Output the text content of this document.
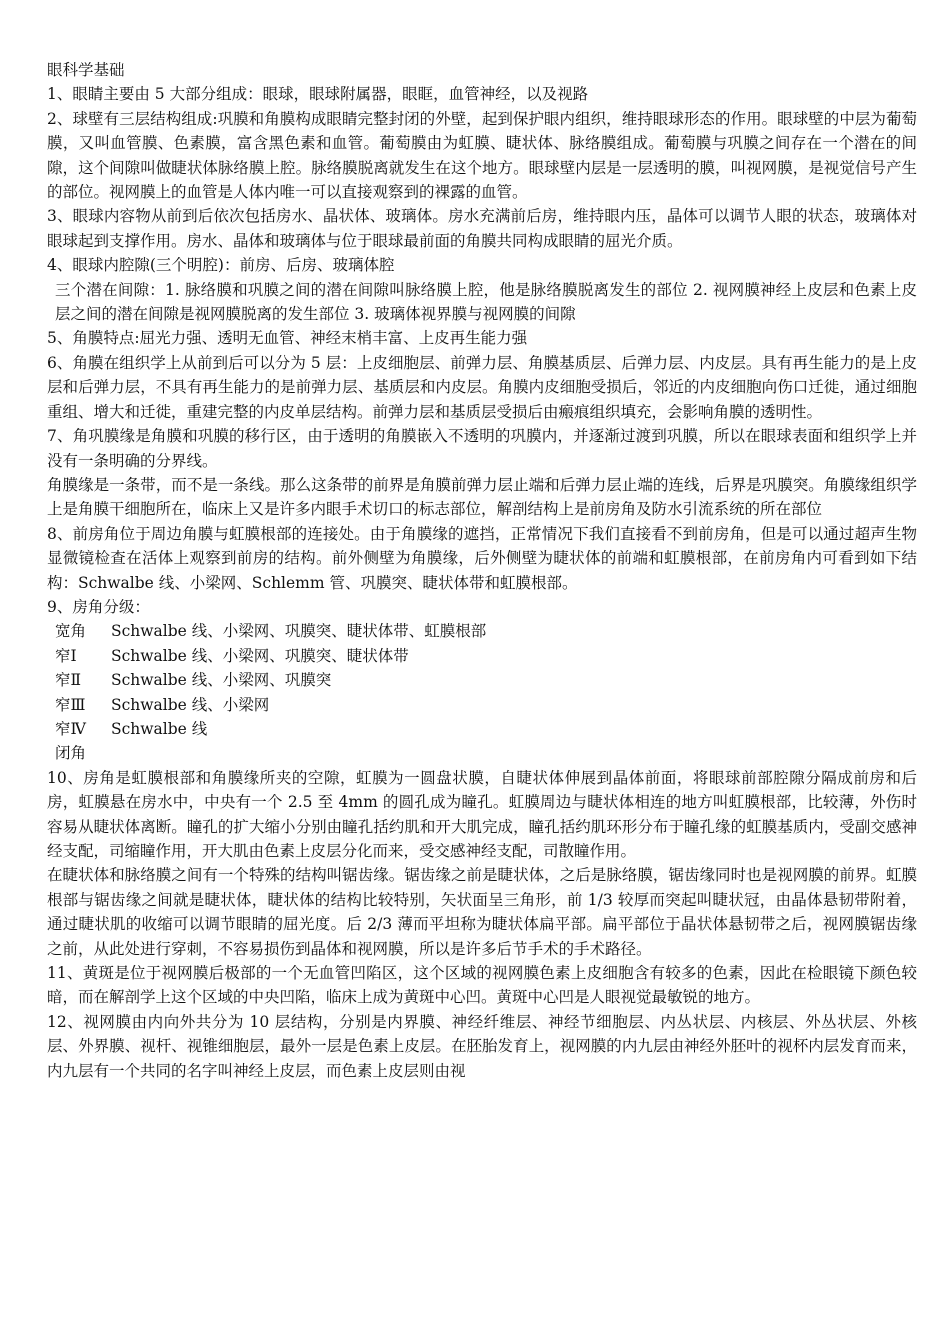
眼科学基础

1、眼睛主要由 5 大部分组成：眼球，眼球附属器，眼眶，血管神经，以及视路

2、球壁有三层结构组成:巩膜和角膜构成眼睛完整封闭的外壁，起到保护眼内组织，维持眼球形态的作用。眼球壁的中层为葡萄膜，又叫血管膜、色素膜，富含黑色素和血管。葡萄膜由为虹膜、睫状体、脉络膜组成。葡萄膜与巩膜之间存在一个潜在的间隙，这个间隙叫做睫状体脉络膜上腔。脉络膜脱离就发生在这个地方。眼球壁内层是一层透明的膜，叫视网膜，是视觉信号产生的部位。视网膜上的血管是人体内唯一可以直接观察到的裸露的血管。

3、眼球内容物从前到后依次包括房水、晶状体、玻璃体。房水充满前后房，维持眼内压，晶体可以调节人眼的状态，玻璃体对眼球起到支撑作用。房水、晶体和玻璃体与位于眼球最前面的角膜共同构成眼睛的屈光介质。

4、眼球内腔隙(三个明腔)：前房、后房、玻璃体腔

三个潜在间隙：1. 脉络膜和巩膜之间的潜在间隙叫脉络膜上腔，他是脉络膜脱离发生的部位 2. 视网膜神经上皮层和色素上皮层之间的潜在间隙是视网膜脱离的发生部位 3. 玻璃体视界膜与视网膜的间隙

5、角膜特点:屈光力强、透明无血管、神经末梢丰富、上皮再生能力强

6、角膜在组织学上从前到后可以分为 5 层：上皮细胞层、前弹力层、角膜基质层、后弹力层、内皮层。具有再生能力的是上皮层和后弹力层，不具有再生能力的是前弹力层、基质层和内皮层。角膜内皮细胞受损后，邻近的内皮细胞向伤口迁徙，通过细胞重组、增大和迁徙，重建完整的内皮单层结构。前弹力层和基质层受损后由瘢痕组织填充，会影响角膜的透明性。

7、角巩膜缘是角膜和巩膜的移行区，由于透明的角膜嵌入不透明的巩膜内，并逐渐过渡到巩膜，所以在眼球表面和组织学上并没有一条明确的分界线。

角膜缘是一条带，而不是一条线。那么这条带的前界是角膜前弹力层止端和后弹力层止端的连线，后界是巩膜突。角膜缘组织学上是角膜干细胞所在，临床上又是许多内眼手术切口的标志部位，解剖结构上是前房角及防水引流系统的所在部位

8、前房角位于周边角膜与虹膜根部的连接处。由于角膜缘的遮挡，正常情况下我们直接看不到前房角，但是可以通过超声生物显微镜检查在活体上观察到前房的结构。前外侧壁为角膜缘，后外侧壁为睫状体的前端和虹膜根部，在前房角内可看到如下结构：Schwalbe 线、小梁网、Schlemm 管、巩膜突、睫状体带和虹膜根部。

9、房角分级：

宽角	Schwalbe 线、小梁网、巩膜突、睫状体带、虹膜根部
窄Ⅰ	Schwalbe 线、小梁网、巩膜突、睫状体带
窄Ⅱ	Schwalbe 线、小梁网、巩膜突
窄Ⅲ	Schwalbe 线、小梁网
窄Ⅳ	Schwalbe 线
闭角

10、房角是虹膜根部和角膜缘所夹的空隙，虹膜为一圆盘状膜，自睫状体伸展到晶体前面，将眼球前部腔隙分隔成前房和后房，虹膜悬在房水中，中央有一个 2.5 至 4mm 的圆孔成为瞳孔。虹膜周边与睫状体相连的地方叫虹膜根部，比较薄，外伤时容易从睫状体离断。瞳孔的扩大缩小分别由瞳孔括约肌和开大肌完成，瞳孔括约肌环形分布于瞳孔缘的虹膜基质内，受副交感神经支配，司缩瞳作用，开大肌由色素上皮层分化而来，受交感神经支配，司散瞳作用。

在睫状体和脉络膜之间有一个特殊的结构叫锯齿缘。锯齿缘之前是睫状体，之后是脉络膜，锯齿缘同时也是视网膜的前界。虹膜根部与锯齿缘之间就是睫状体，睫状体的结构比较特别，矢状面呈三角形，前 1/3 较厚而突起叫睫状冠，由晶体悬韧带附着，通过睫状肌的收缩可以调节眼睛的屈光度。后 2/3 薄而平坦称为睫状体扁平部。扁平部位于晶状体悬韧带之后，视网膜锯齿缘之前，从此处进行穿刺，不容易损伤到晶体和视网膜，所以是许多后节手术的手术路径。

11、黄斑是位于视网膜后极部的一个无血管凹陷区，这个区域的视网膜色素上皮细胞含有较多的色素，因此在检眼镜下颜色较暗，而在解剖学上这个区域的中央凹陷，临床上成为黄斑中心凹。黄斑中心凹是人眼视觉最敏锐的地方。

12、视网膜由内向外共分为 10 层结构，分别是内界膜、神经纤维层、神经节细胞层、内丛状层、内核层、外丛状层、外核层、外界膜、视杆、视锥细胞层，最外一层是色素上皮层。在胚胎发育上，视网膜的内九层由神经外胚叶的视杯内层发育而来，内九层有一个共同的名字叫神经上皮层，而色素上皮层则由视
